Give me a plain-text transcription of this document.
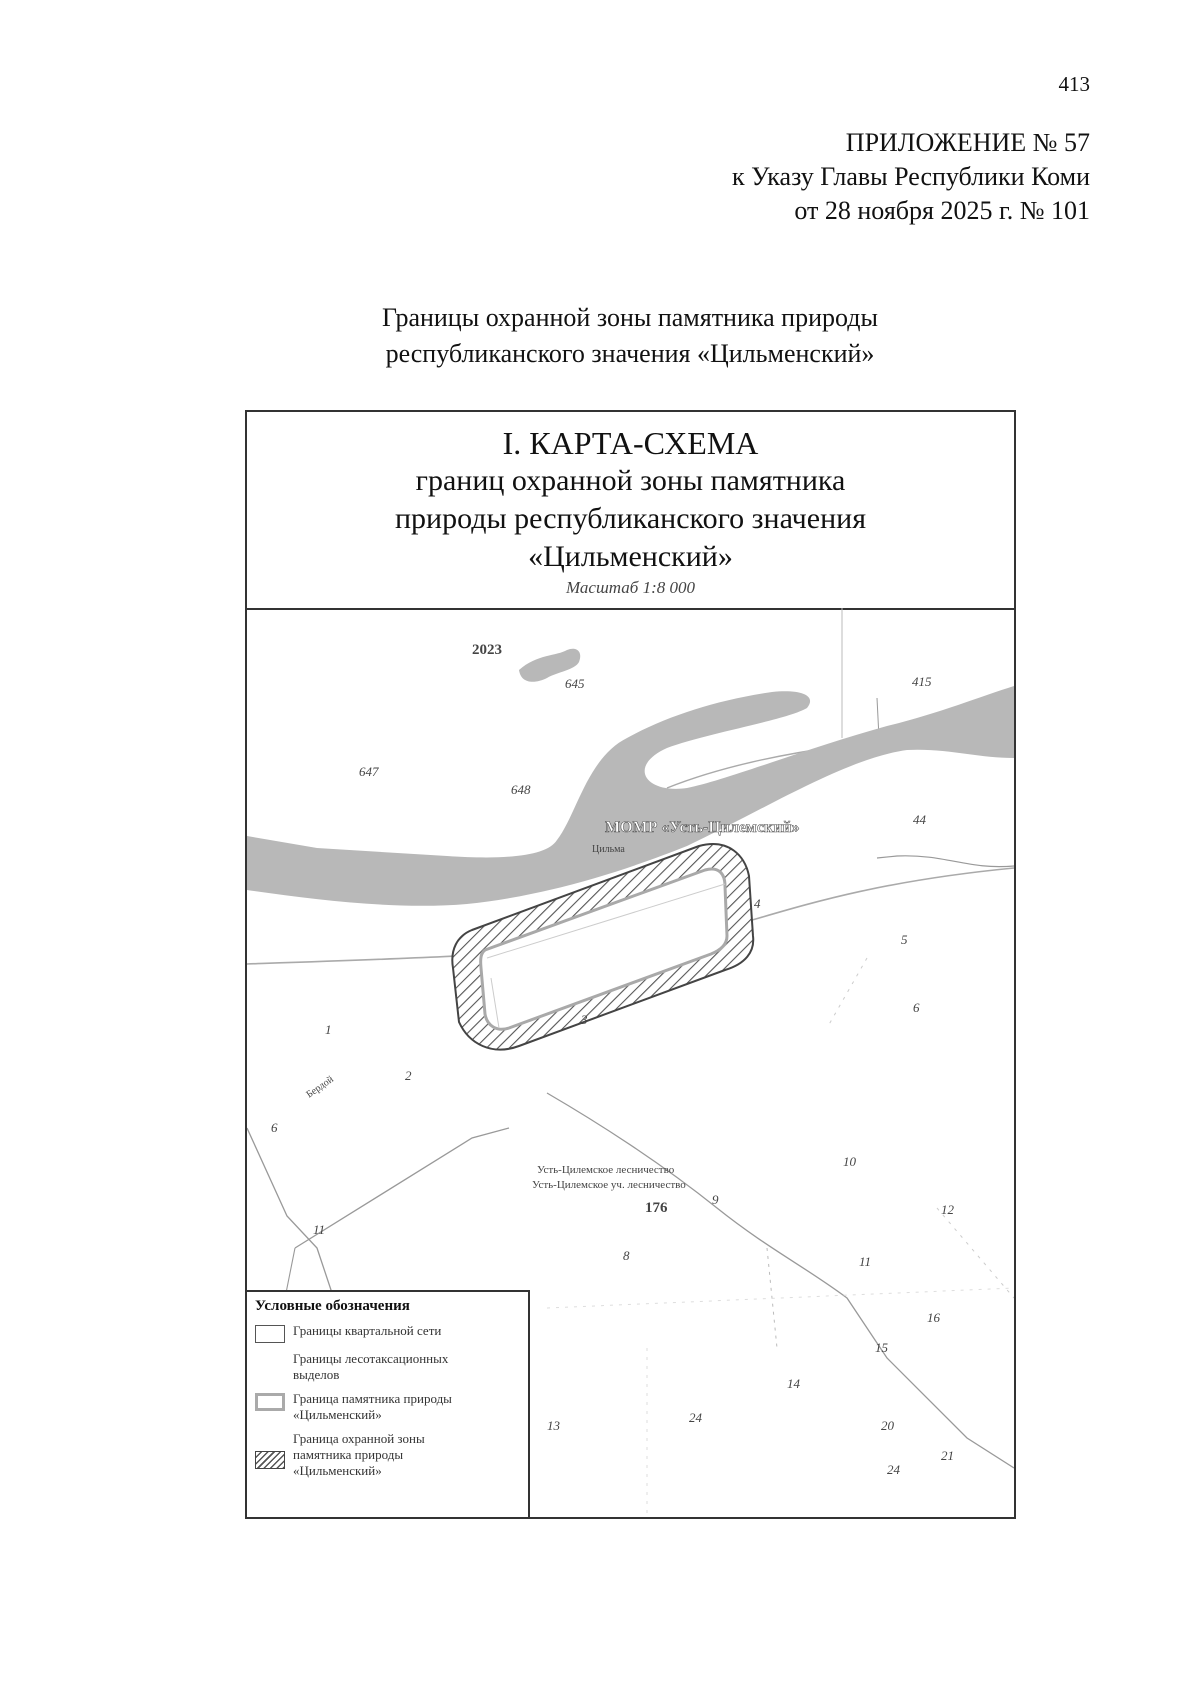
413
ПРИЛОЖЕНИЕ № 57
к Указу Главы Республики Коми
от 28 ноября 2025 г. № 101
Границы охранной зоны памятника природы
республиканского значения «Цильменский»
I. КАРТА-СХЕМА
границ охранной зоны памятника
природы республиканского значения
«Цильменский»
Масштаб 1:8 000
2023
645	415
647
648
МОМР «Усть-Цилемский»
Цильма
44
4
5
6
1
3
2
Бердой
6
Усть-Цилемское лесничество
Усть-Цилемское уч. лесничество
10
176
9
12
11
8	11
16
15
14
13
24
20
21
24
Условные обозначения
Границы квартальной сети
Границы лесотаксационных
выделов
Граница памятника природы
«Цильменский»
Граница охранной зоны
памятника природы
«Цильменский»
